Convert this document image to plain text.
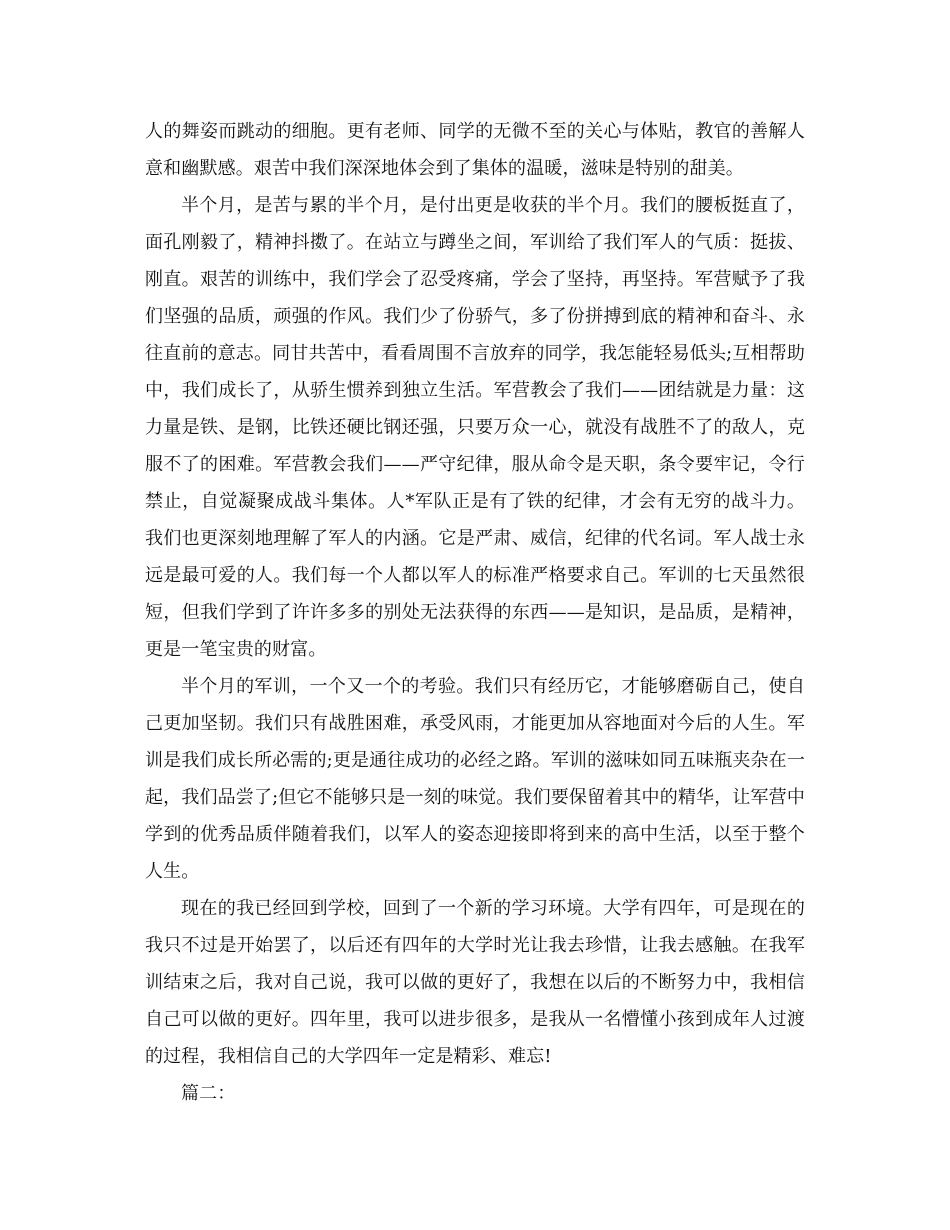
人的舞姿而跳动的细胞。更有老师、同学的无微不至的关心与体贴，教官的善解人意和幽默感。艰苦中我们深深地体会到了集体的温暖，滋味是特别的甜美。

半个月，是苦与累的半个月，是付出更是收获的半个月。我们的腰板挺直了，面孔刚毅了，精神抖擞了。在站立与蹲坐之间，军训给了我们军人的气质：挺拔、刚直。艰苦的训练中，我们学会了忍受疼痛，学会了坚持，再坚持。军营赋予了我们坚强的品质，顽强的作风。我们少了份骄气，多了份拼搏到底的精神和奋斗、永往直前的意志。同甘共苦中，看看周围不言放弃的同学，我怎能轻易低头;互相帮助中，我们成长了，从骄生惯养到独立生活。军营教会了我们——团结就是力量：这力量是铁、是钢，比铁还硬比钢还强，只要万众一心，就没有战胜不了的敌人，克服不了的困难。军营教会我们——严守纪律，服从命令是天职，条令要牢记，令行禁止，自觉凝聚成战斗集体。人*军队正是有了铁的纪律，才会有无穷的战斗力。我们也更深刻地理解了军人的内涵。它是严肃、威信，纪律的代名词。军人战士永远是最可爱的人。我们每一个人都以军人的标准严格要求自己。军训的七天虽然很短，但我们学到了许许多多的别处无法获得的东西——是知识，是品质，是精神，更是一笔宝贵的财富。

半个月的军训，一个又一个的考验。我们只有经历它，才能够磨砺自己，使自己更加坚韧。我们只有战胜困难，承受风雨，才能更加从容地面对今后的人生。军训是我们成长所必需的;更是通往成功的必经之路。军训的滋味如同五味瓶夹杂在一起，我们品尝了;但它不能够只是一刻的味觉。我们要保留着其中的精华，让军营中学到的优秀品质伴随着我们，以军人的姿态迎接即将到来的高中生活，以至于整个人生。

现在的我已经回到学校，回到了一个新的学习环境。大学有四年，可是现在的我只不过是开始罢了，以后还有四年的大学时光让我去珍惜，让我去感触。在我军训结束之后，我对自己说，我可以做的更好了，我想在以后的不断努力中，我相信自己可以做的更好。四年里，我可以进步很多，是我从一名懵懂小孩到成年人过渡的过程，我相信自己的大学四年一定是精彩、难忘!

篇二：
